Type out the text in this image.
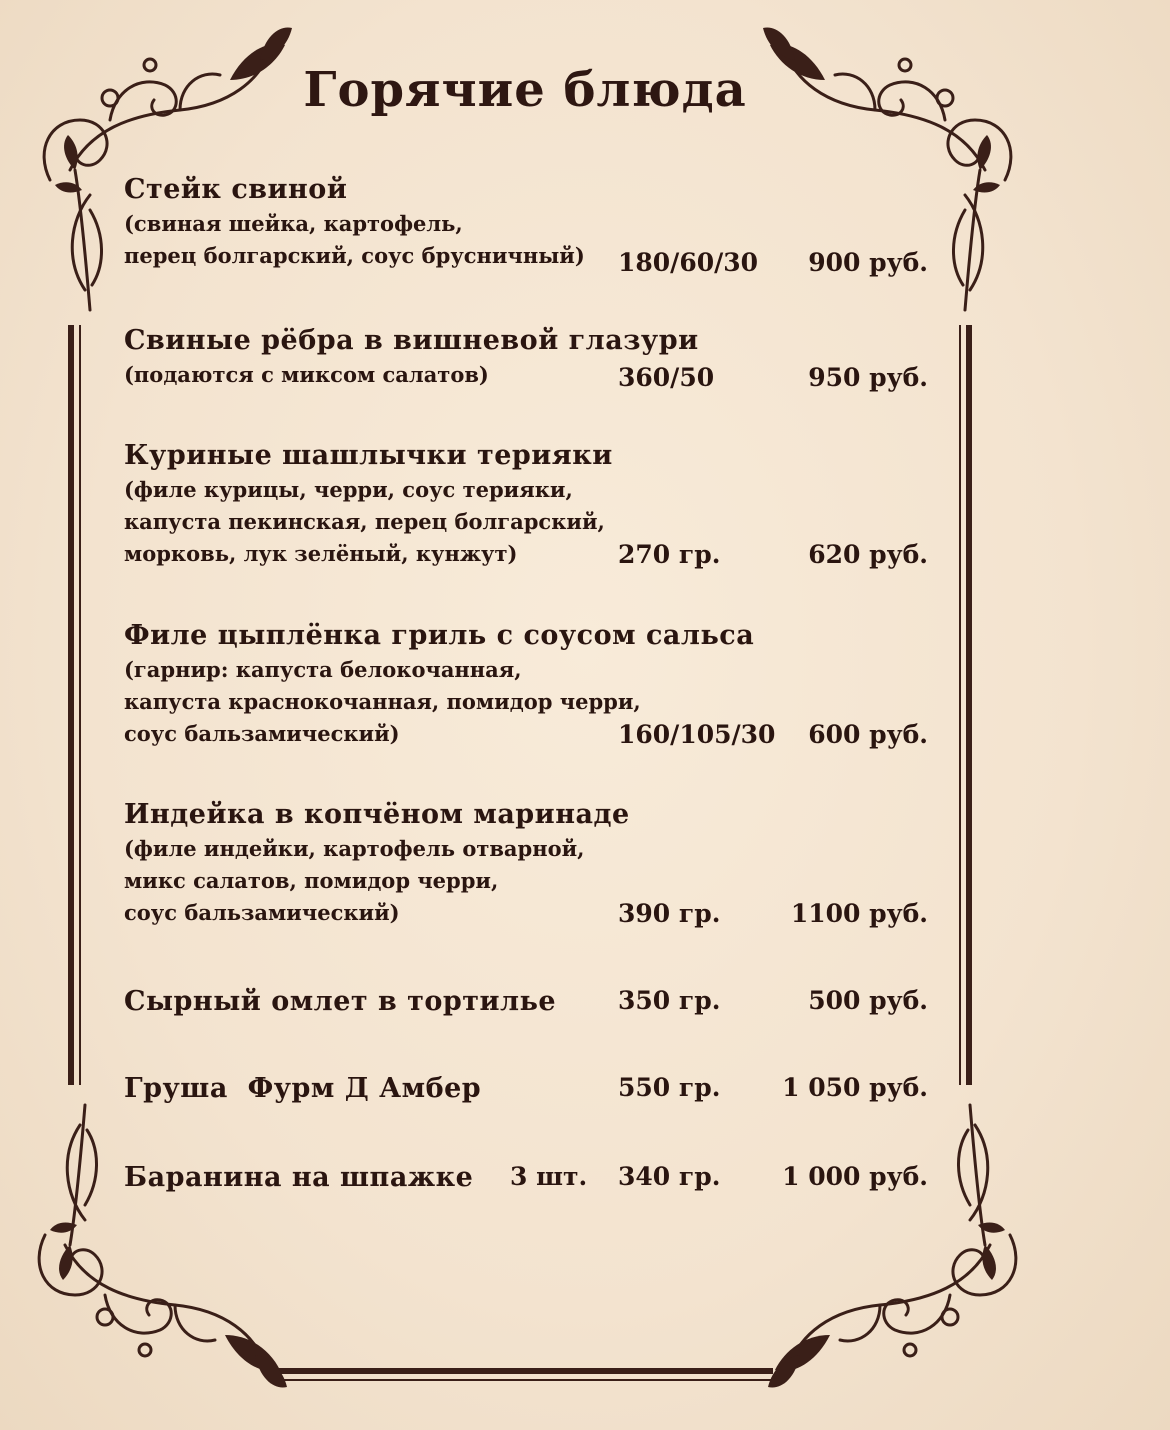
Горячие блюда
Стейк свиной
(свиная шейка, картофель,
перец болгарский, соус брусничный)	180/60/30 900 руб.
Свиные рёбра в вишневой глазури
(подаются с миксом салатов)	360/50	950 руб.
Куриные шашлычки терияки
(филе курицы, черри, соус терияки,
капуста пекинская, перец болгарский,
морковь, лук зелёный, кунжут)	270 гр.	620 руб.
Филе цыплёнка гриль с соусом сальса
(гарнир: капуста белокочанная,
капуста краснокочанная, помидор черри,
соус бальзамический)	160/105/30 600 руб.
Индейка в копчёном маринаде
(филе индейки, картофель отварной,
микс салатов, помидор черри,
соус бальзамический)	390 гр.	1100 руб.
Сырный омлет в тортилье	350 гр.	500 руб.
Груша  Фурм Д Амбер	550 гр. 1 050 руб.
Баранина на шпажке	3 шт. 340 гр. 1 000 руб.
